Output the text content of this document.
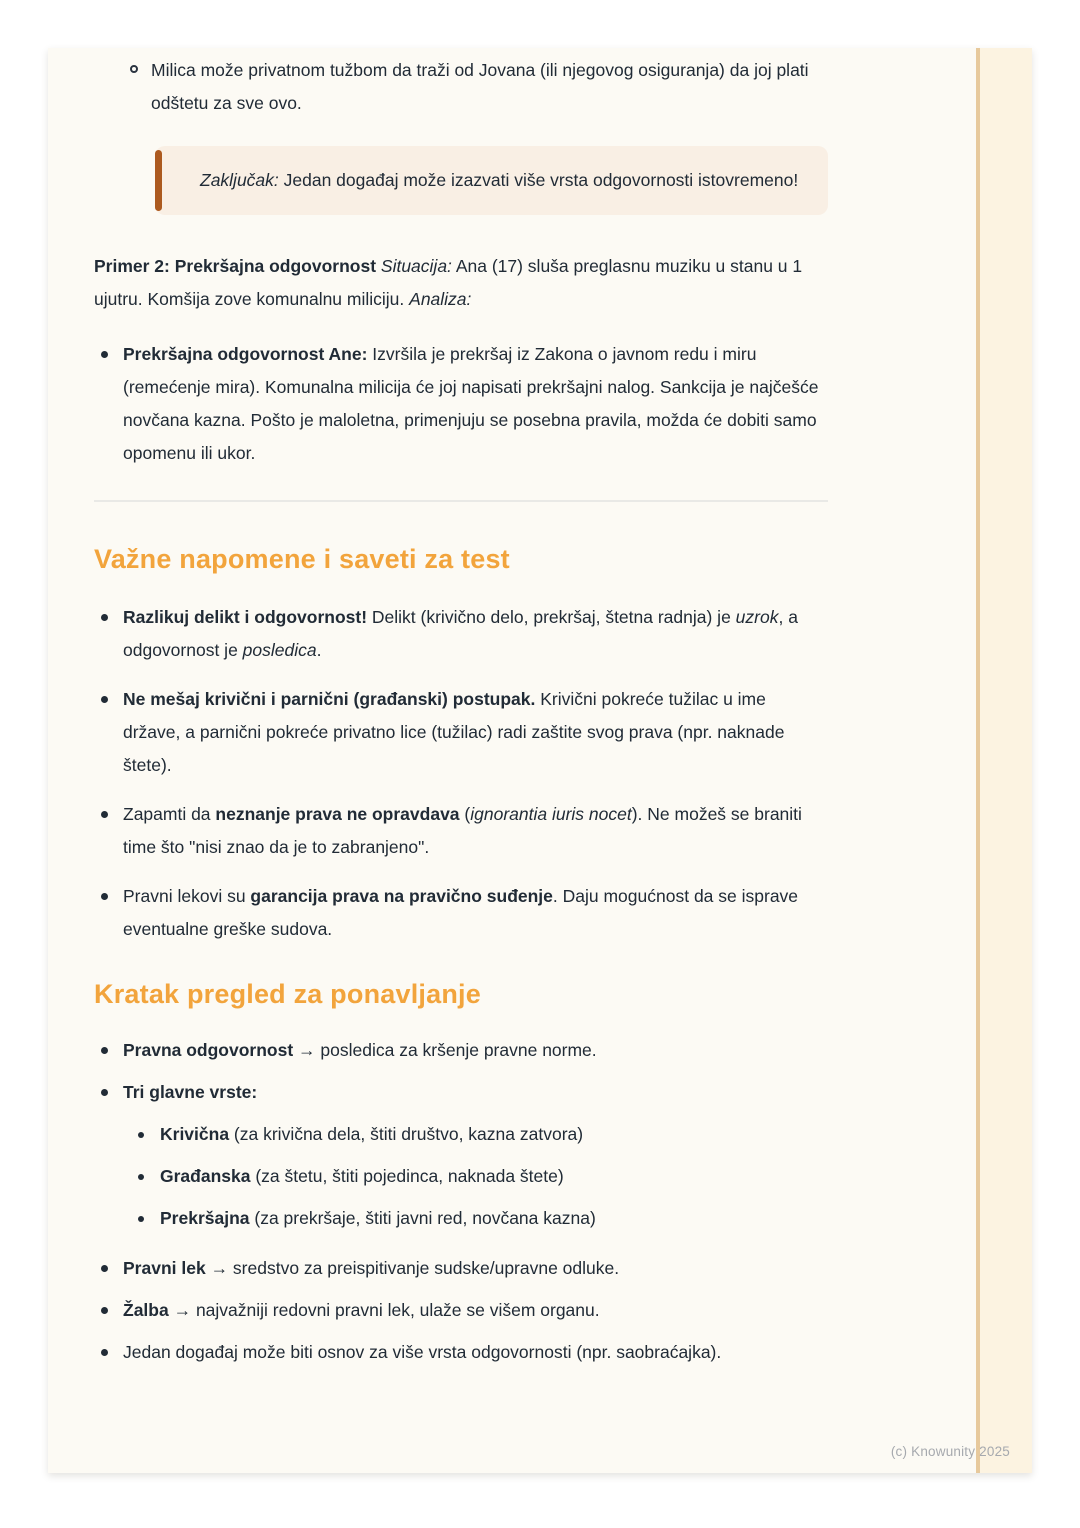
Milica može privatnom tužbom da traži od Jovana (ili njegovog osiguranja) da joj plati odštetu za sve ovo.
Zaključak: Jedan događaj može izazvati više vrsta odgovornosti istovremeno!
Primer 2: Prekršajna odgovornost Situacija: Ana (17) sluša preglasnu muziku u stanu u 1 ujutru. Komšija zove komunalnu miliciju. Analiza:
Prekršajna odgovornost Ane: Izvršila je prekršaj iz Zakona o javnom redu i miru (remećenje mira). Komunalna milicija će joj napisati prekršajni nalog. Sankcija je najčešće novčana kazna. Pošto je maloletna, primenjuju se posebna pravila, možda će dobiti samo opomenu ili ukor.
Važne napomene i saveti za test
Razlikuj delikt i odgovornost! Delikt (krivično delo, prekršaj, štetna radnja) je uzrok, a odgovornost je posledica.
Ne mešaj krivični i parnični (građanski) postupak. Krivični pokreće tužilac u ime države, a parnični pokreće privatno lice (tužilac) radi zaštite svog prava (npr. naknade štete).
Zapamti da neznanje prava ne opravdava (ignorantia iuris nocet). Ne možeš se braniti time što "nisi znao da je to zabranjeno".
Pravni lekovi su garancija prava na pravično suđenje. Daju mogućnost da se isprave eventualne greške sudova.
Kratak pregled za ponavljanje
Pravna odgovornost → posledica za kršenje pravne norme.
Tri glavne vrste:
Krivična (za krivična dela, štiti društvo, kazna zatvora)
Građanska (za štetu, štiti pojedinca, naknada štete)
Prekršajna (za prekršaje, štiti javni red, novčana kazna)
Pravni lek → sredstvo za preispitivanje sudske/upravne odluke.
Žalba → najvažniji redovni pravni lek, ulaže se višem organu.
Jedan događaj može biti osnov za više vrsta odgovornosti (npr. saobraćajka).
(c) Knowunity 2025
